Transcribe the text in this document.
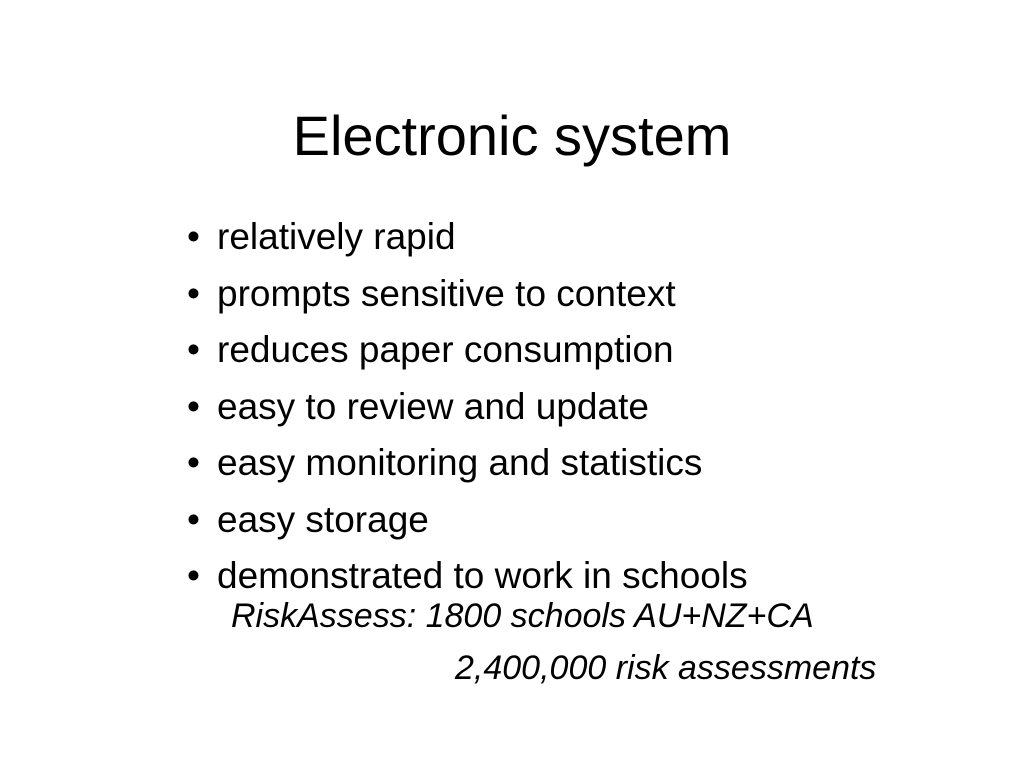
Electronic system
• relatively rapid
• prompts sensitive to context
• reduces paper consumption
• easy to review and update
• easy monitoring and statistics
• easy storage
• demonstrated to work in schools
RiskAssess: 1800 schools AU+NZ+CA
2,400,000 risk assessments
